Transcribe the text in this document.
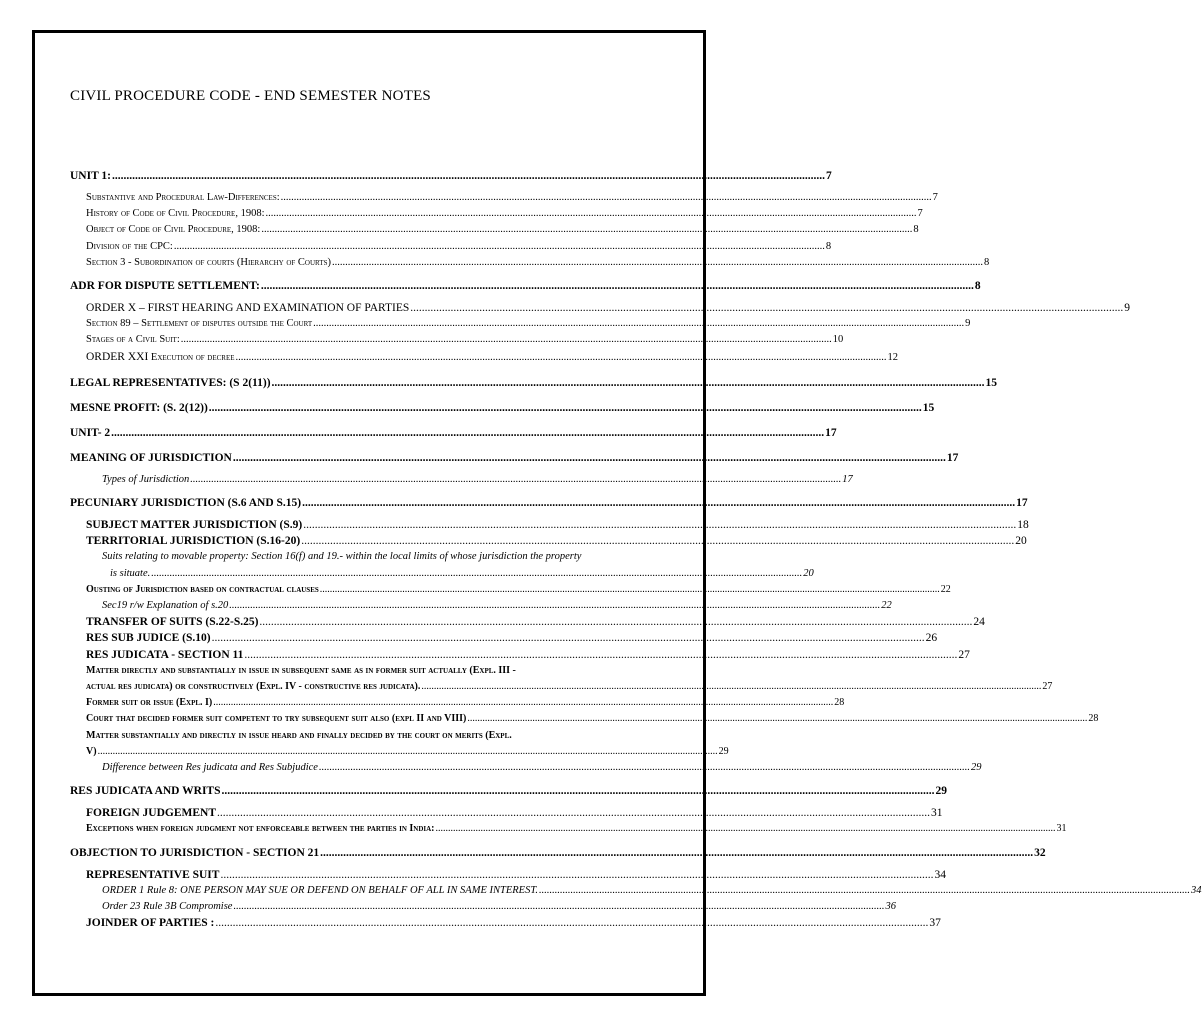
CIVIL PROCEDURE CODE - END SEMESTER NOTES
UNIT 1: .....	7
Substantive and Procedural Law-Differences: .....	7
History of Code of Civil Procedure, 1908: .....	7
Object of Code of Civil Procedure, 1908: .....	8
Division of the CPC: .....	8
Section 3 - Subordination of courts (Hierarchy of Courts) .....	8
ADR FOR DISPUTE SETTLEMENT: .....	8
ORDER X – FIRST HEARING AND EXAMINATION OF PARTIES .....	9
Section 89 – Settlement of disputes outside the Court .....	9
Stages of a Civil Suit: .....	10
ORDER XXI Execution of decree .....	12
LEGAL REPRESENTATIVES: (S 2(11)) .....	15
MESNE PROFIT: (S. 2(12)) .....	15
UNIT- 2 .....	17
MEANING OF JURISDICTION .....	17
Types of Jurisdiction .....	17
PECUNIARY JURISDICTION (S.6 AND S.15) .....	17
SUBJECT MATTER JURISDICTION (S.9) .....	18
TERRITORIAL JURISDICTION (S.16-20) .....	20
Suits relating to movable property: Section 16(f) and 19.- within the local limits of whose jurisdiction the property
is situate. .....	20
Ousting of Jurisdiction based on contractual clauses .....	22
Sec19 r/w Explanation of s.20 .....	22
TRANSFER OF SUITS (S.22-S.25) .....	24
RES SUB JUDICE (S.10) .....	26
RES JUDICATA - SECTION 11 .....	27
Matter directly and substantially in issue in subsequent same as in former suit actually (Expl. III -
actual res judicata) or constructively (Expl. IV - constructive res judicata). .....	27
Former suit or issue (Expl. I) .....	28
Court that decided former suit competent to try subsequent suit also (expl II and VIII) .....	28
Matter substantially and directly in issue heard and finally decided by the court on merits (Expl.
V) .....	29
Difference between Res judicata and Res Subjudice .....	29
RES JUDICATA AND WRITS .....	29
FOREIGN JUDGEMENT .....	31
Exceptions when foreign judgment not enforceable between the parties in India: .....	31
OBJECTION TO JURISDICTION - SECTION 21 .....	32
REPRESENTATIVE SUIT .....	34
ORDER 1 Rule 8: ONE PERSON MAY SUE OR DEFEND ON BEHALF OF ALL IN SAME INTEREST. .....	34
Order 23 Rule 3B Compromise .....	36
JOINDER OF PARTIES : .....	37
